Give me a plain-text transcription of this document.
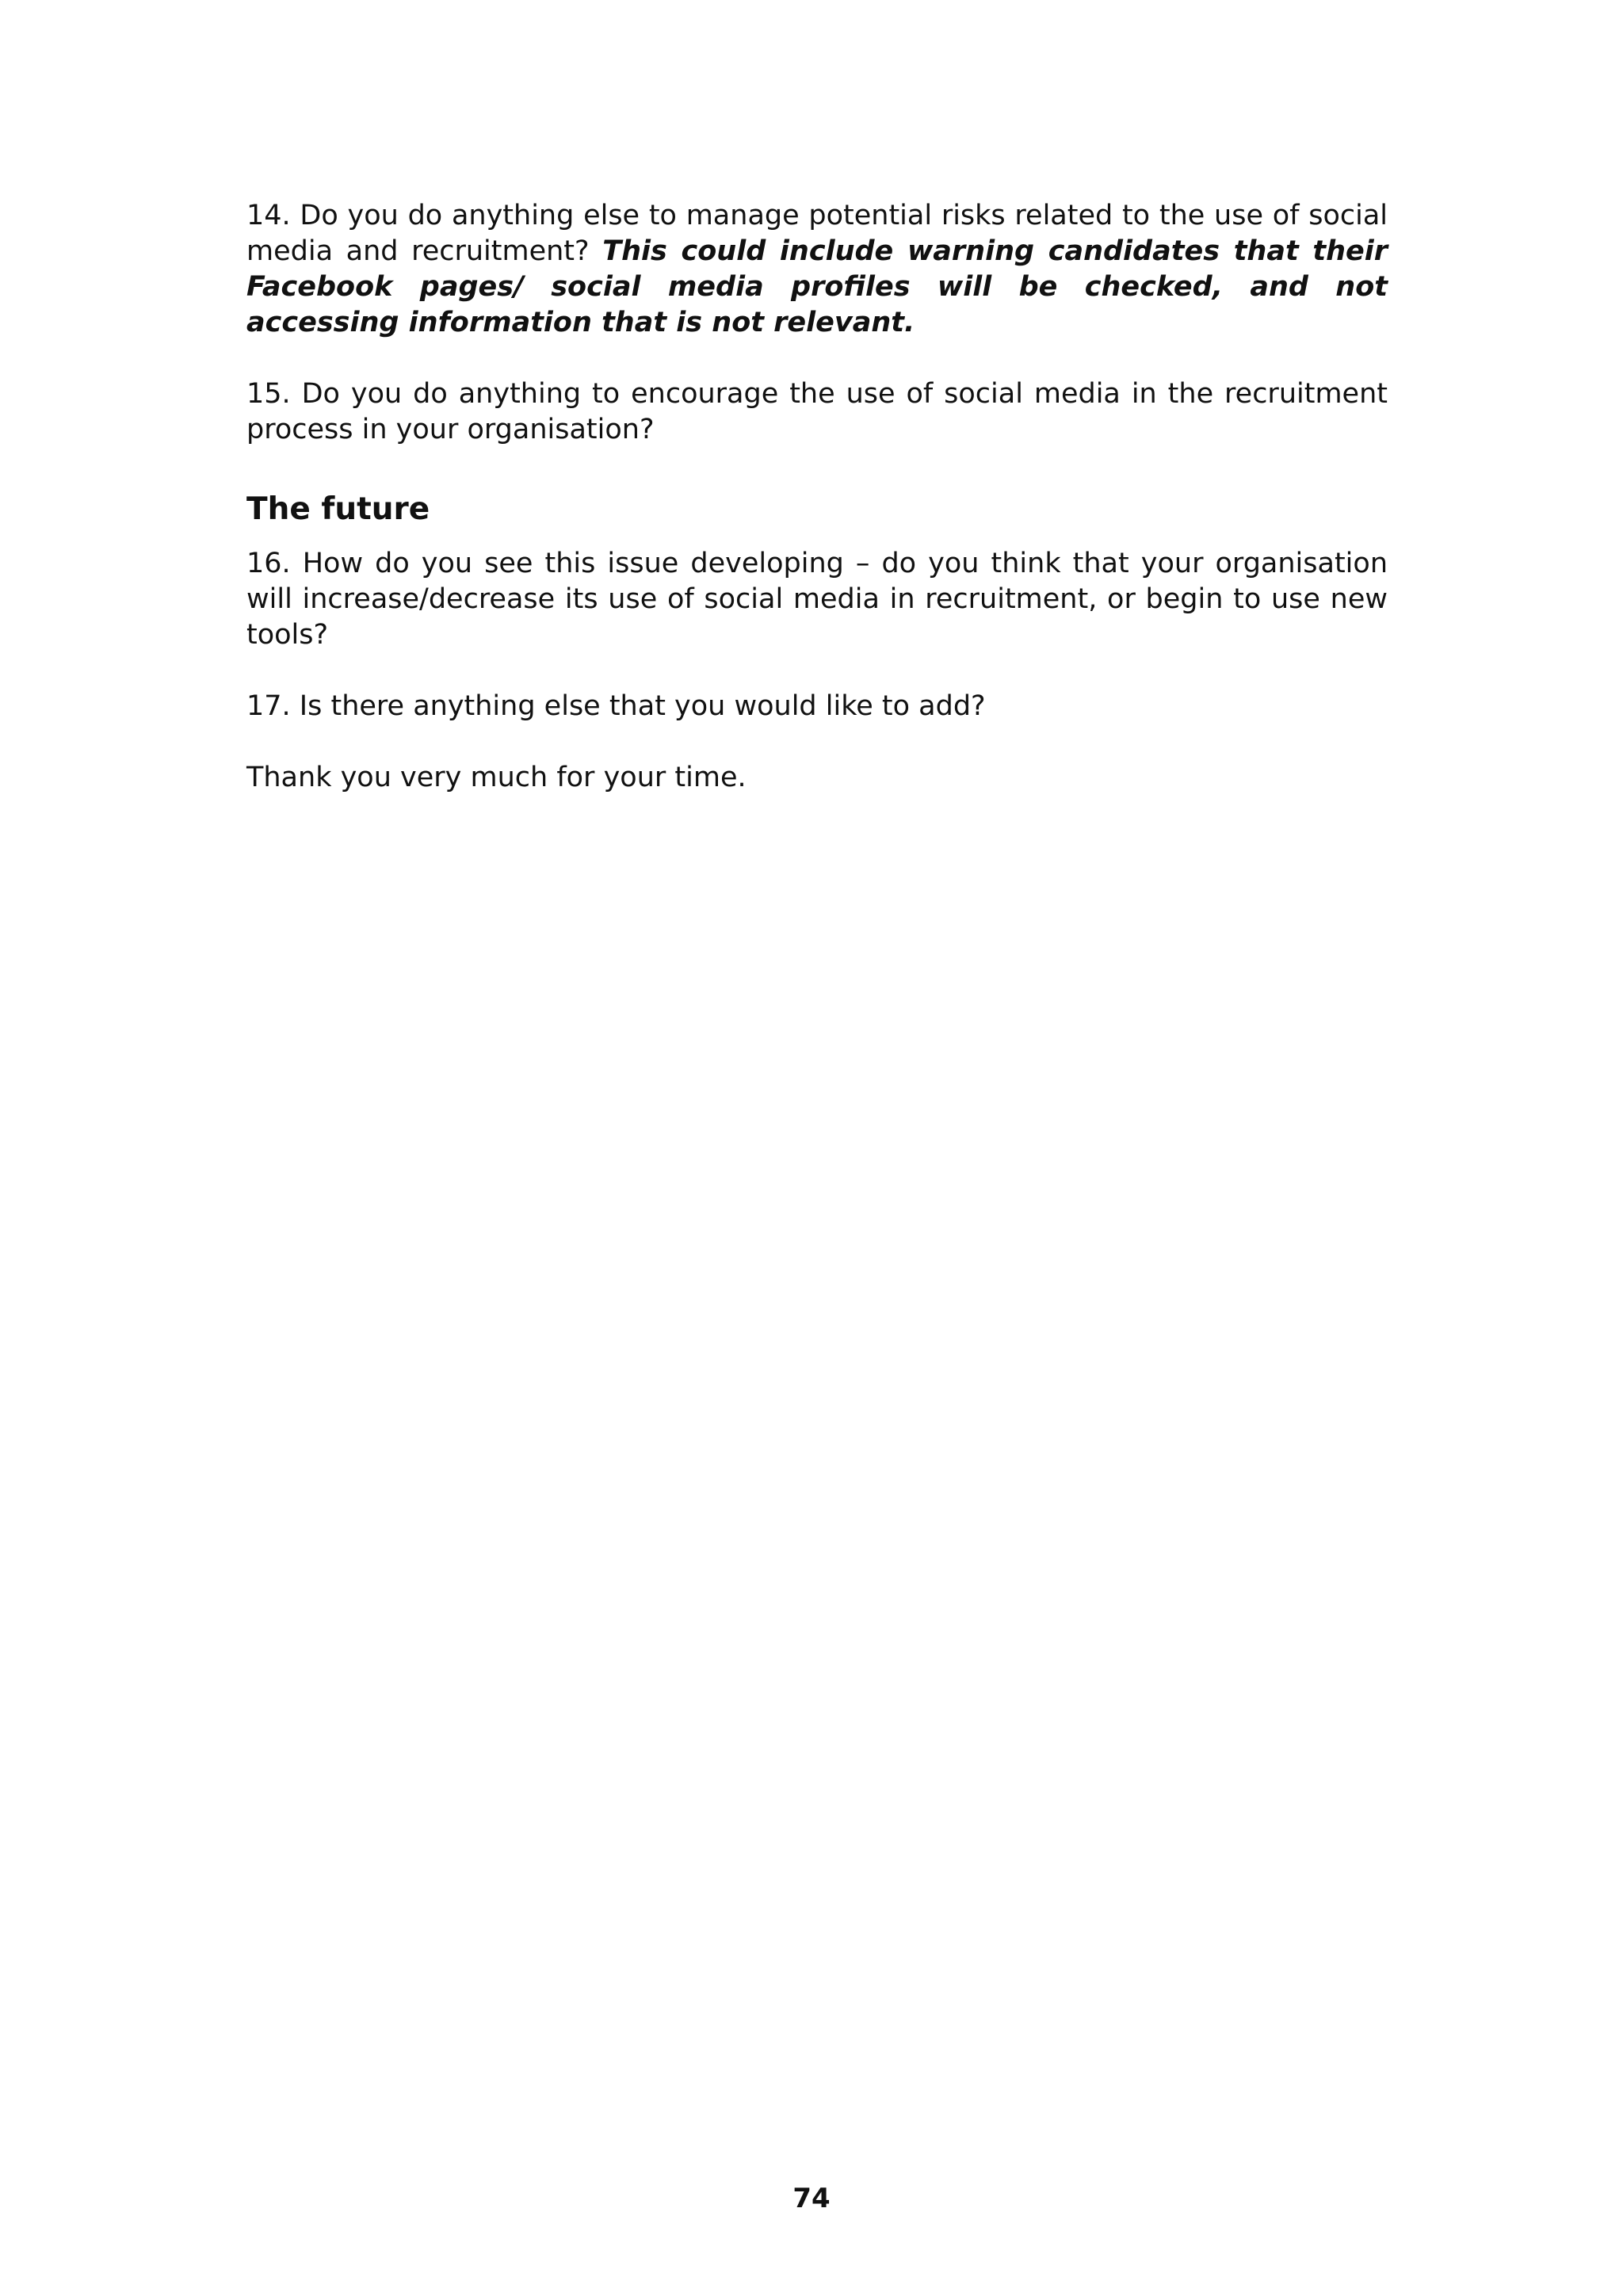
14. Do you do anything else to manage potential risks related to the use of social media and recruitment? This could include warning candidates that their Facebook pages/ social media profiles will be checked, and not accessing information that is not relevant.

15. Do you do anything to encourage the use of social media in the recruitment process in your organisation?

The future

16. How do you see this issue developing – do you think that your organisation will increase/decrease its use of social media in recruitment, or begin to use new tools?

17. Is there anything else that you would like to add?

Thank you very much for your time.

74
